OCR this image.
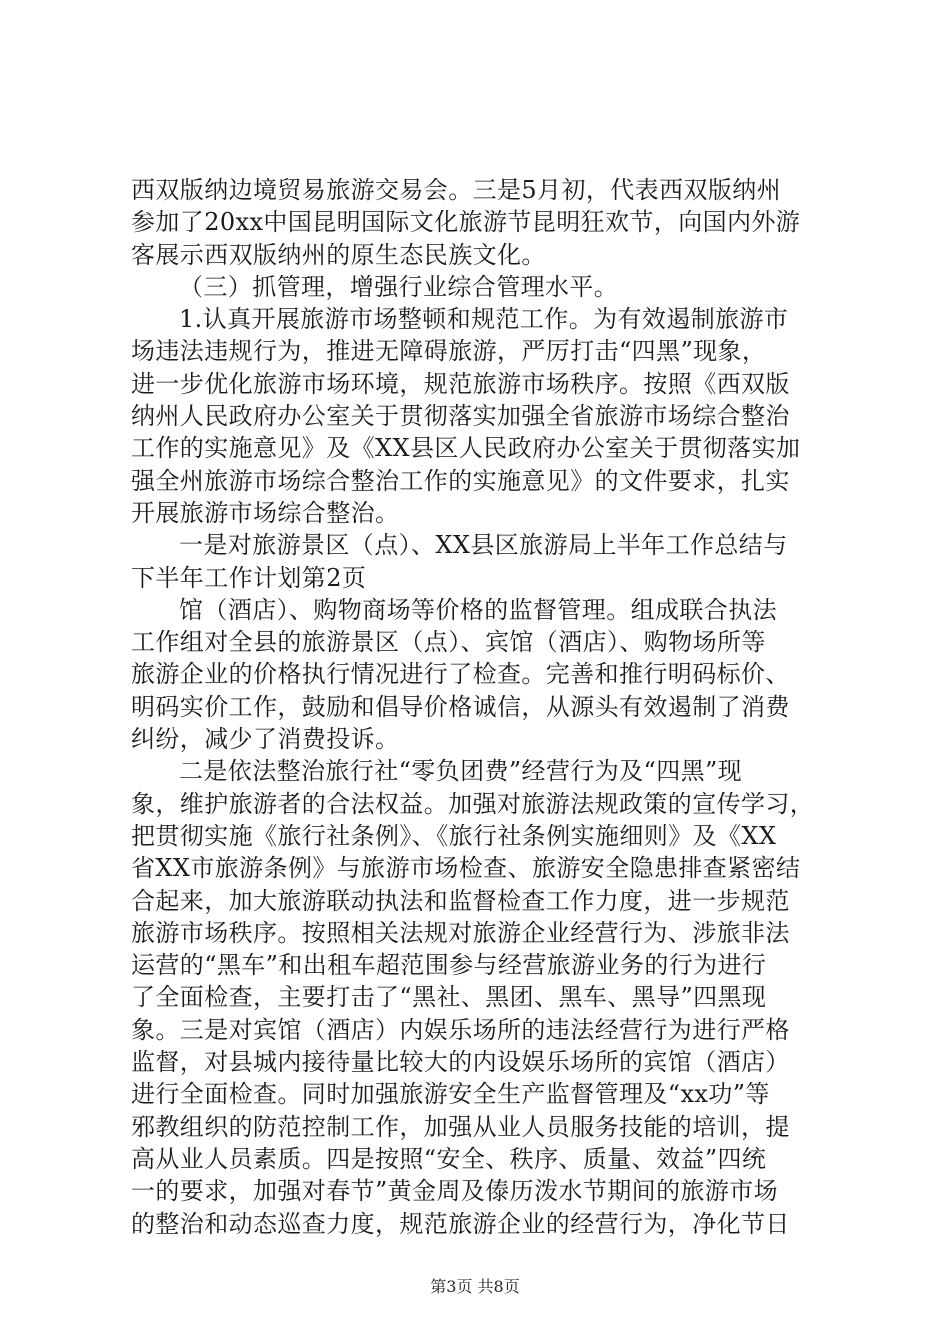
西双版纳边境贸易旅游交易会。三是5月初，代表西双版纳州
参加了20xx中国昆明国际文化旅游节昆明狂欢节，向国内外游
客展示西双版纳州的原生态民族文化。
（三）抓管理，增强行业综合管理水平。
1.认真开展旅游市场整顿和规范工作。为有效遏制旅游市
场违法违规行为，推进无障碍旅游，严厉打击“四黑”现象，
进一步优化旅游市场环境，规范旅游市场秩序。按照《西双版
纳州人民政府办公室关于贯彻落实加强全省旅游市场综合整治
工作的实施意见》及《XX县区人民政府办公室关于贯彻落实加
强全州旅游市场综合整治工作的实施意见》的文件要求，扎实
开展旅游市场综合整治。
一是对旅游景区（点）、XX县区旅游局上半年工作总结与
下半年工作计划第2页
馆（酒店）、购物商场等价格的监督管理。组成联合执法
工作组对全县的旅游景区（点）、宾馆（酒店）、购物场所等
旅游企业的价格执行情况进行了检查。完善和推行明码标价、
明码实价工作，鼓励和倡导价格诚信，从源头有效遏制了消费
纠纷，减少了消费投诉。
二是依法整治旅行社“零负团费”经营行为及“四黑”现
象，维护旅游者的合法权益。加强对旅游法规政策的宣传学习，
把贯彻实施《旅行社条例》、《旅行社条例实施细则》及《XX
省XX市旅游条例》与旅游市场检查、旅游安全隐患排查紧密结
合起来，加大旅游联动执法和监督检查工作力度，进一步规范
旅游市场秩序。按照相关法规对旅游企业经营行为、涉旅非法
运营的“黑车”和出租车超范围参与经营旅游业务的行为进行
了全面检查，主要打击了“黑社、黑团、黑车、黑导”四黑现
象。三是对宾馆（酒店）内娱乐场所的违法经营行为进行严格
监督，对县城内接待量比较大的内设娱乐场所的宾馆（酒店）
进行全面检查。同时加强旅游安全生产监督管理及“xx功”等
邪教组织的防范控制工作，加强从业人员服务技能的培训，提
高从业人员素质。四是按照“安全、秩序、质量、效益”四统
一的要求，加强对春节”黄金周及傣历泼水节期间的旅游市场
的整治和动态巡查力度，规范旅游企业的经营行为，净化节日
第3页 共8页
